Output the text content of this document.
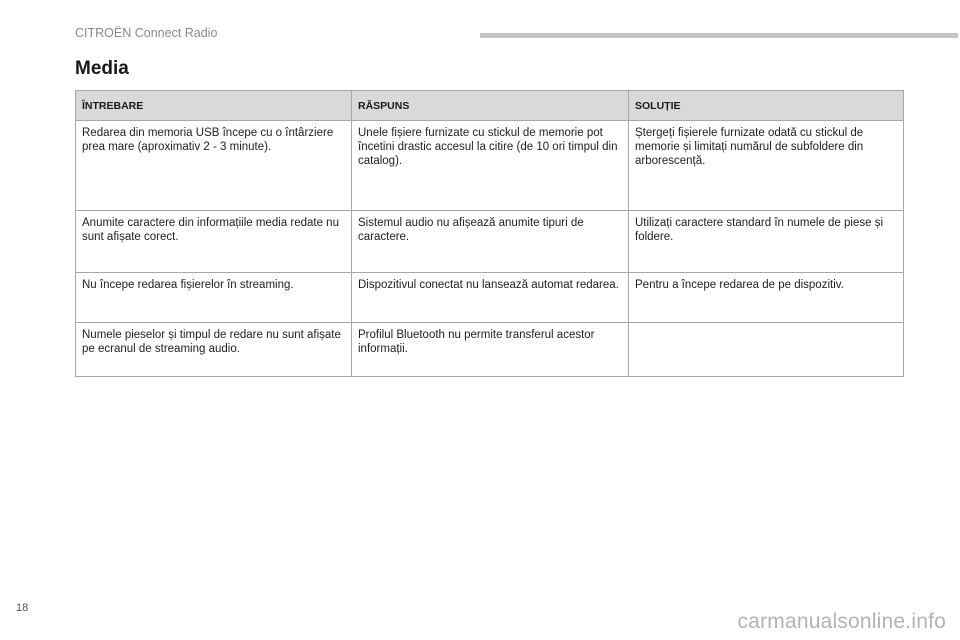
CITROËN Connect Radio
Media
ÎNTREBARE	RĂSPUNS	SOLUȚIE
Redarea din memoria USB începe cu o întârziere prea mare (aproximativ 2 - 3 minute).	Unele fișiere furnizate cu stickul de memorie pot încetini drastic accesul la citire (de 10 ori timpul din catalog).	Ștergeți fișierele furnizate odată cu stickul de memorie și limitați numărul de subfoldere din arborescență.
Anumite caractere din informațiile media redate nu sunt afișate corect.	Sistemul audio nu afișează anumite tipuri de caractere.	Utilizați caractere standard în numele de piese și foldere.
Nu începe redarea fișierelor în streaming.	Dispozitivul conectat nu lansează automat redarea.	Pentru a începe redarea de pe dispozitiv.
Numele pieselor și timpul de redare nu sunt afișate pe ecranul de streaming audio.	Profilul Bluetooth nu permite transferul acestor informații.	
18
carmanualsonline.info
